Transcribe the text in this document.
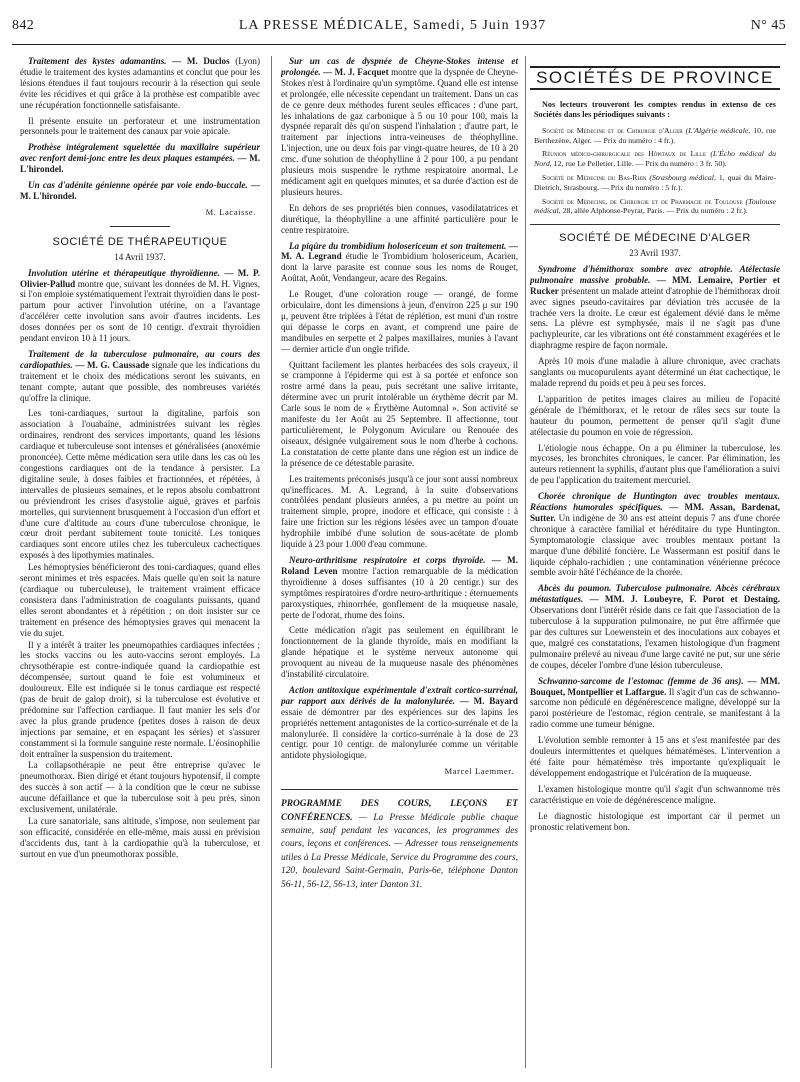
842	LA PRESSE MÉDICALE, Samedi, 5 Juin 1937	N° 45

Traitement des kystes adamantins. — M. Duclos (Lyon) étudie le traitement des kystes adamantins et conclut que pour les lésions étendues il faut toujours recourir à la résection qui seule évite les récidives et qui grâce à la prothèse est compatible avec une récupération fonctionnelle satisfaisante.

Il présente ensuite un perforateur et une instrumentation personnels pour le traitement des canaux par voie apicale.

Prothèse intégralement squelettée du maxillaire supérieur avec renfort demi-jonc entre les deux plaques estampées. — M. L'hirondel.

Un cas d'adénite génienne opérée par voie endo-buccale. — M. L'hirondel.

M. Lacaisse.

SOCIÉTÉ DE THÉRAPEUTIQUE
14 Avril 1937.

Involution utérine et thérapeutique thyroïdienne. — M. P. Olivier-Pallud montre que, suivant les données de M. H. Vignes, si l'on emploie systématiquement l'extrait thyroïdien dans le post-partum pour activer l'involution utérine, on a l'avantage d'accélérer cette involution sans avoir d'autres incidents. Les doses données per os sont de 10 centigr. d'extrait thyroïdien pendant environ 10 à 11 jours.

Traitement de la tuberculose pulmonaire, au cours des cardiopathies. — M. G. Caussade signale que les indications du traitement et le choix des médications seront les suivants, en tenant compte, autant que possible, des nombreuses variétés qu'offre la clinique.

Les toni-cardiaques, surtout la digitaline, parfois son association à l'ouabaïne, administrées suivant les règles ordinaires, rendront des services importants, quand les lésions cardiaque et tuberculeuse sont intenses et généralisées (anoxémie prononcée). Cette même médication sera utile dans les cas où les congestions cardiaques ont de la tendance à persister. La digitaline seule, à doses faibles et fractionnées, et répétées, à intervalles de plusieurs semaines, et le repos absolu combattront ou préviendront les crises d'asystolie aiguë, graves et parfois mortelles, qui surviennent brusquement à l'occasion d'un effort et d'une cure d'altitude au cours d'une tuberculose chronique, le cœur droit perdant subitement toute tonicité. Les toniques cardiaques sont encore utiles chez les tuberculeux cachectiques exposés à des lipothymies matinales.

Les hémoptysies bénéficieront des toni-cardiaques, quand elles seront minimes et très espacées. Mais quelle qu'en soit la nature (cardiaque ou tuberculeuse), le traitement vraiment efficace consistera dans l'administration de coagulants puissants, quand elles seront abondantes et à répétition ; on doit insister sur ce traitement en présence des hémoptysies graves qui menacent la vie du sujet.

Il y a intérêt à traiter les pneumopathies cardiaques infectées ; les stocks vaccins ou les auto-vaccins seront employés. La chrysothérapie est contre-indiquée quand la cardiopathie est décompensée, surtout quand le foie est volumineux et douloureux. Elle est indiquée si le tonus cardiaque est respecté (pas de bruit de galop droit), si la tuberculose est évolutive et prédomine sur l'affection cardiaque. Il faut manier les sels d'or avec la plus grande prudence (petites doses à raison de deux injections par semaine, et en espaçant les séries) et s'assurer constamment si la formule sanguine reste normale. L'éosinophilie doit entraîner la suspension du traitement.

La collapsothérapie ne peut être entreprise qu'avec le pneumothorax. Bien dirigé et étant toujours hypotensif, il compte des succès à son actif — à la condition que le cœur ne subisse aucune défaillance et que la tuberculose soit à peu près, sinon exclusivement, unilatérale.

La cure sanatoriale, sans altitude, s'impose, non seulement par son efficacité, considérée en elle-même, mais aussi en prévision d'accidents dus, tant à la cardiopathie qu'à la tuberculose, et surtout en vue d'un pneumothorax possible.

Sur un cas de dyspnée de Cheyne-Stokes intense et prolongée. — M. J. Facquet montre que la dyspnée de Cheyne-Stokes n'est à l'ordinaire qu'un symptôme. Quand elle est intense et prolongée, elle nécessite cependant un traitement. Dans un cas de ce genre deux méthodes furent seules efficaces : d'une part, les inhalations de gaz carbonique à 5 ou 10 pour 100, mais la dyspnée reparaît dès qu'on suspend l'inhalation ; d'autre part, le traitement par injections intra-veineuses de théophylline. L'injection, une ou deux fois par vingt-quatre heures, de 10 à 20 cmc. d'une solution de théophylline à 2 pour 100, a pu pendant plusieurs mois suspendre le rythme respiratoire anormal. Le médicament agit en quelques minutes, et sa durée d'action est de plusieurs heures.

En dehors de ses propriétés bien connues, vasodilatatrices et diurétique, la théophylline a une affinité particulière pour le centre respiratoire.

La piqûre du trombidium holosericeum et son traitement. — M. A. Legrand étudie le Trombidium holosericeum, Acarien, dont la larve parasite est connue sous les noms de Rouget, Aoûtat, Août, Vendangeur, acare des Regains.

Le Rouget, d'une coloration rouge — orangé, de forme orbiculaire, dont les dimensions à jeun, d'environ 225 μ sur 190 μ, peuvent être triplées à l'état de réplétion, est muni d'un rostre qui dépasse le corps en avant, et comprend une paire de mandibules en serpette et 2 palpes maxillaires, munies à l'avant — dernier article d'un ongle trifide.

Quittant facilement les plantes herbacées des sols crayeux, il se cramponne à l'épiderme qui est à sa portée et enfonce son rostre armé dans la peau, puis secrétant une salive irritante, détermine avec un prurit intolérable un érythème décrit par M. Carle sous le nom de « Érythème Automnal ». Son activité se manifeste du 1er Août au 25 Septembre. Il affectionne, tout particulièrement, le Polygonum Aviculare ou Renouée des oiseaux, désignée vulgairement sous le nom d'herbe à cochons. La constatation de cette plante dans une région est un indice de la présence de ce détestable parasite.

Les traitements préconisés jusqu'à ce jour sont aussi nombreux qu'inefficaces. M. A. Legrand, à la suite d'observations contrôlées pendant plusieurs années, a pu mettre au point un traitement simple, propre, inodore et efficace, qui consiste : à faire une friction sur les régions lésées avec un tampon d'ouate hydrophile imbibé d'une solution de sous-acétate de plomb liquide à 23 pour 1.000 d'eau commune.

Neuro-arthritisme respiratoire et corps thyroïde. — M. Roland Leven montre l'action remarquable de la médication thyroïdienne à doses suffisantes (10 à 20 centigr.) sur des symptômes respiratoires d'ordre neuro-arthritique : éternuements paroxystiques, rhinorrhée, gonflement de la muqueuse nasale, perte de l'odorat, rhume des foins.

Cette médication n'agit pas seulement en équilibrant le fonctionnement de la glande thyroïde, mais en modifiant la glande hépatique et le système nerveux autonome qui provoquent au niveau de la muqueuse nasale des phénomènes d'instabilité circulatoire.

Action antitoxique expérimentale d'extrait cortico-surrénal, par rapport aux dérivés de la malonylurée. — M. Bayard essaie de démontrer par des expériences sur des lapins les propriétés nettement antagonistes de la cortico-surrénale et de la malonylurée. Il considère la cortico-surrénale à la dose de 23 centigr. pour 10 centigr. de malonylurée comme un véritable antidote physiologique.

Marcel Laemmer.

PROGRAMME DES COURS, LEÇONS ET CONFÉRENCES. — La Presse Médicale publie chaque semaine, sauf pendant les vacances, les programmes des cours, leçons et conférences. — Adresser tous renseignements utiles à La Presse Médicale, Service du Programme des cours, 120, boulevard Saint-Germain, Paris-6e, téléphone Danton 56-11, 56-12, 56-13, inter Danton 31.
SOCIÉTÉS DE PROVINCE

Nos lecteurs trouveront les comptes rendus in extenso de ces Sociétés dans les périodiques suivants :

Société de Médecine et de Chirurgie d'Alger (L'Algérie médicale, 10, rue Berthezène, Alger. — Prix du numéro : 4 fr.).

Réunion médico-chirurgicale des Hôpitaux de Lille (L'Écho médical du Nord, 12, rue Le Pelletier, Lille. — Prix du numéro : 3 fr. 50).

Société de Médecine du Bas-Rhin (Strasbourg médical, 1, quai du Maire-Dietrich, Strasbourg. — Prix du numéro : 5 fr.).

Société de Médecine, de Chirurgie et de Pharmacie de Toulouse (Toulouse médical, 28, allée Alphonse-Peyrat, Paris. — Prix du numéro : 2 fr.).

SOCIÉTÉ DE MÉDECINE D'ALGER
23 Avril 1937.

Syndrome d'hémithorax sombre avec atrophie. Atélectasie pulmonaire massive probable. — MM. Lemaire, Portier et Rucker présentent un malade atteint d'atrophie de l'hémithorax droit avec signes pseudo-cavitaires par déviation très accusée de la trachée vers la droite. Le cœur est également dévié dans le même sens. La plèvre est symphysée, mais il ne s'agit pas d'une pachypleurite, car les vibrations ont été constamment exagérées et le diaphragme respire de façon normale.

Après 10 mois d'une maladie à allure chronique, avec crachats sanglants ou mucopurulents ayant déterminé un état cachectique, le malade reprend du poids et peu à peu ses forces.

L'apparition de petites images claires au milieu de l'opacité générale de l'hémithorax, et le retour de râles secs sur toute la hauteur du poumon, permettent de penser qu'il s'agit d'une atélectasie du poumon en voie de régression.

L'étiologie nous échappe. On a pu éliminer la tuberculose, les mycoses, les bronchites chroniques, le cancer. Par élimination, les auteurs retiennent la syphilis, d'autant plus que l'amélioration a suivi de peu l'application du traitement mercuriel.

Chorée chronique de Huntington avec troubles mentaux. Réactions humorales spécifiques. — MM. Assan, Bardenat, Sutter. Un indigène de 30 ans est atteint depuis 7 ans d'une chorée chronique à caractère familial et héréditaire du type Huntington. Symptomatologie classique avec troubles mentaux portant la marque d'une débilité foncière. Le Wassermann est positif dans le liquide céphalo-rachidien ; une contamination vénérienne précoce semble avoir hâté l'échéance de la chorée.

Abcès du poumon. Tuberculose pulmonaire. Abcès cérébraux métastatiques. — MM. J. Loubeyre, F. Porot et Destaing. Observations dont l'intérêt réside dans ce fait que l'association de la tuberculose à la suppuration pulmonaire, ne put être affirmée que par des cultures sur Loewenstein et des inoculations aux cobayes et que, malgré ces constatations, l'examen histologique d'un fragment pulmonaire prélevé au niveau d'une large cavité ne put, sur une série de coupes, déceler l'ombre d'une lésion tuberculeuse.

Schwanno-sarcome de l'estomac (femme de 36 ans). — MM. Bouquet, Montpellier et Laffargue. Il s'agit d'un cas de schwanno-sarcome non pédiculé en dégénérescence maligne, développé sur la paroi postérieure de l'estomac, région centrale, se manifestant à la radio comme une tumeur bénigne.

L'évolution semble remonter à 15 ans et s'est manifestée par des douleurs intermittentes et quelques hématémèses. L'intervention a été faite pour hématémèse très importante qu'expliquait le développement endogastrique et l'ulcération de la muqueuse.

L'examen histologique montre qu'il s'agit d'un schwannome très caractéristique en voie de dégénérescence maligne.

Le diagnostic histologique est important car il permet un pronostic relativement bon.
